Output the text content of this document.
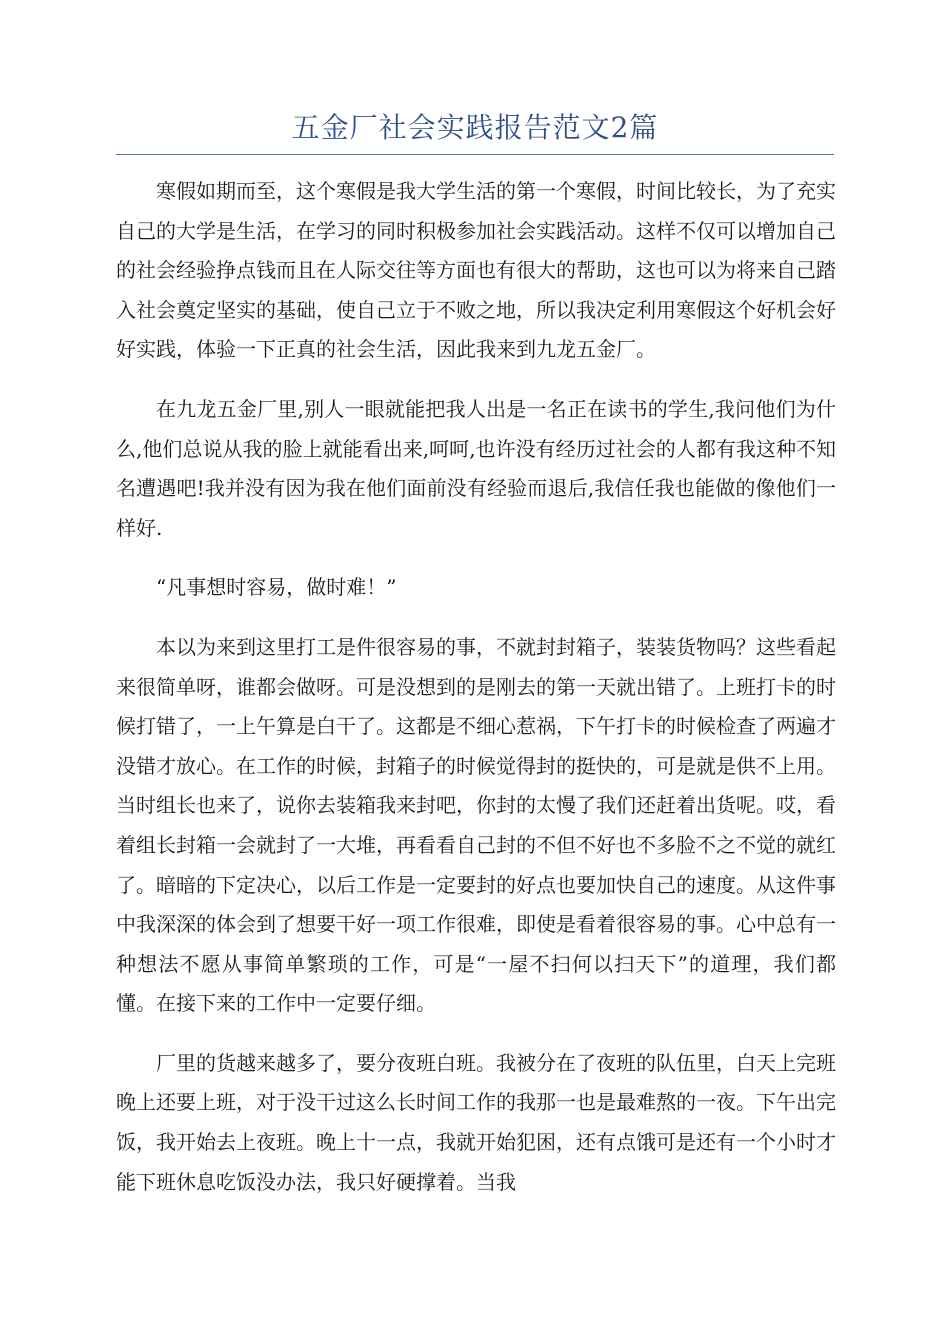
五金厂社会实践报告范文2篇

寒假如期而至，这个寒假是我大学生活的第一个寒假，时间比较长，为了充实自己的大学是生活，在学习的同时积极参加社会实践活动。这样不仅可以增加自己的社会经验挣点钱而且在人际交往等方面也有很大的帮助，这也可以为将来自己踏入社会奠定坚实的基础，使自己立于不败之地，所以我决定利用寒假这个好机会好好实践，体验一下正真的社会生活，因此我来到九龙五金厂。

在九龙五金厂里,别人一眼就能把我人出是一名正在读书的学生,我问他们为什么,他们总说从我的脸上就能看出来,呵呵,也许没有经历过社会的人都有我这种不知名遭遇吧!我并没有因为我在他们面前没有经验而退后,我信任我也能做的像他们一样好.

“凡事想时容易，做时难！”

本以为来到这里打工是件很容易的事，不就封封箱子，装装货物吗？这些看起来很简单呀，谁都会做呀。可是没想到的是刚去的第一天就出错了。上班打卡的时候打错了，一上午算是白干了。这都是不细心惹祸，下午打卡的时候检查了两遍才没错才放心。在工作的时候，封箱子的时候觉得封的挺快的，可是就是供不上用。当时组长也来了，说你去装箱我来封吧，你封的太慢了我们还赶着出货呢。哎，看着组长封箱一会就封了一大堆，再看看自己封的不但不好也不多脸不之不觉的就红了。暗暗的下定决心，以后工作是一定要封的好点也要加快自己的速度。从这件事中我深深的体会到了想要干好一项工作很难，即使是看着很容易的事。心中总有一种想法不愿从事简单繁琐的工作，可是“一屋不扫何以扫天下”的道理，我们都懂。在接下来的工作中一定要仔细。

厂里的货越来越多了，要分夜班白班。我被分在了夜班的队伍里，白天上完班晚上还要上班，对于没干过这么长时间工作的我那一也是最难熬的一夜。下午出完饭，我开始去上夜班。晚上十一点，我就开始犯困，还有点饿可是还有一个小时才能下班休息吃饭没办法，我只好硬撑着。当我
